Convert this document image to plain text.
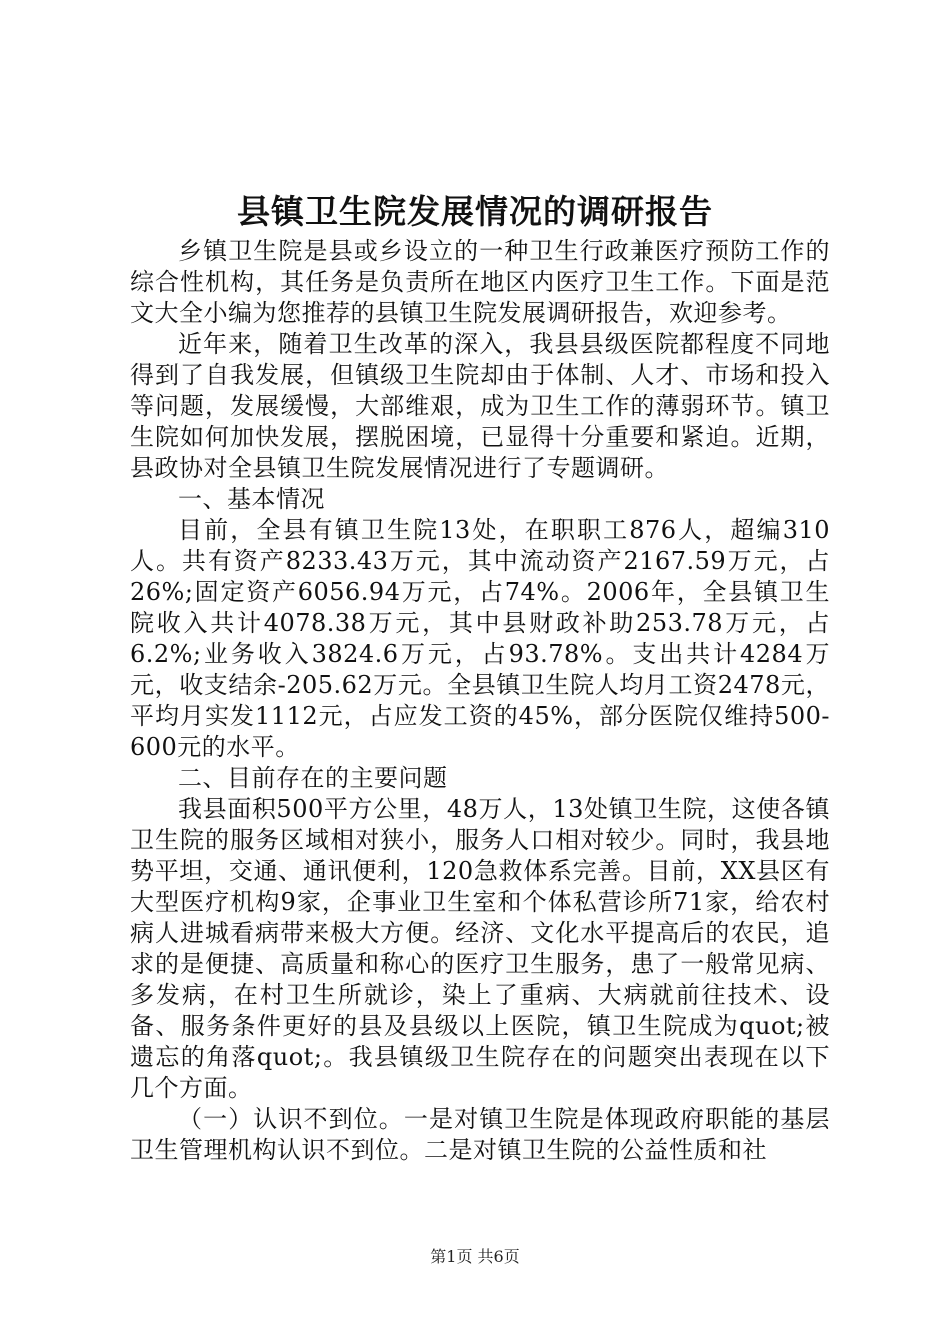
县镇卫生院发展情况的调研报告

乡镇卫生院是县或乡设立的一种卫生行政兼医疗预防工作的综合性机构，其任务是负责所在地区内医疗卫生工作。下面是范文大全小编为您推荐的县镇卫生院发展调研报告，欢迎参考。

近年来，随着卫生改革的深入，我县县级医院都程度不同地得到了自我发展，但镇级卫生院却由于体制、人才、市场和投入等问题，发展缓慢，大部维艰，成为卫生工作的薄弱环节。镇卫生院如何加快发展，摆脱困境，已显得十分重要和紧迫。近期，县政协对全县镇卫生院发展情况进行了专题调研。

一、基本情况

目前，全县有镇卫生院13处，在职职工876人，超编310人。共有资产8233.43万元，其中流动资产2167.59万元，占26%;固定资产6056.94万元，占74%。2006年，全县镇卫生院收入共计4078.38万元，其中县财政补助253.78万元，占6.2%;业务收入3824.6万元，占93.78%。支出共计4284万元，收支结余-205.62万元。全县镇卫生院人均月工资2478元，平均月实发1112元，占应发工资的45%，部分医院仅维持500-600元的水平。

二、目前存在的主要问题

我县面积500平方公里，48万人，13处镇卫生院，这使各镇卫生院的服务区域相对狭小，服务人口相对较少。同时，我县地势平坦，交通、通讯便利，120急救体系完善。目前，XX县区有大型医疗机构9家，企事业卫生室和个体私营诊所71家，给农村病人进城看病带来极大方便。经济、文化水平提高后的农民，追求的是便捷、高质量和称心的医疗卫生服务，患了一般常见病、多发病，在村卫生所就诊，染上了重病、大病就前往技术、设备、服务条件更好的县及县级以上医院，镇卫生院成为quot;被遗忘的角落quot;。我县镇级卫生院存在的问题突出表现在以下几个方面。

（一）认识不到位。一是对镇卫生院是体现政府职能的基层卫生管理机构认识不到位。二是对镇卫生院的公益性质和社

第1页 共6页
